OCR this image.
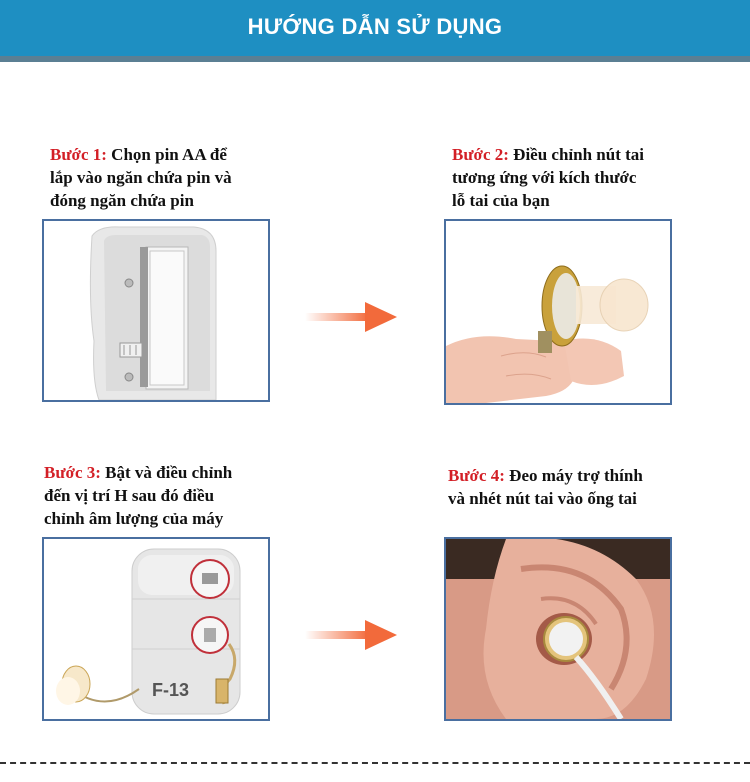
HƯỚNG DẪN SỬ DỤNG
Bước 1: Chọn pin AA để
lắp vào ngăn chứa pin và
đóng ngăn chứa pin
Bước 2: Điều chỉnh nút tai
tương ứng với kích thước
lỗ tai của bạn
Bước 3: Bật và điều chỉnh
đến vị trí H sau đó điều
chỉnh âm lượng của máy
Bước 4: Đeo máy trợ thính
và nhét nút tai vào ống tai
F-13
